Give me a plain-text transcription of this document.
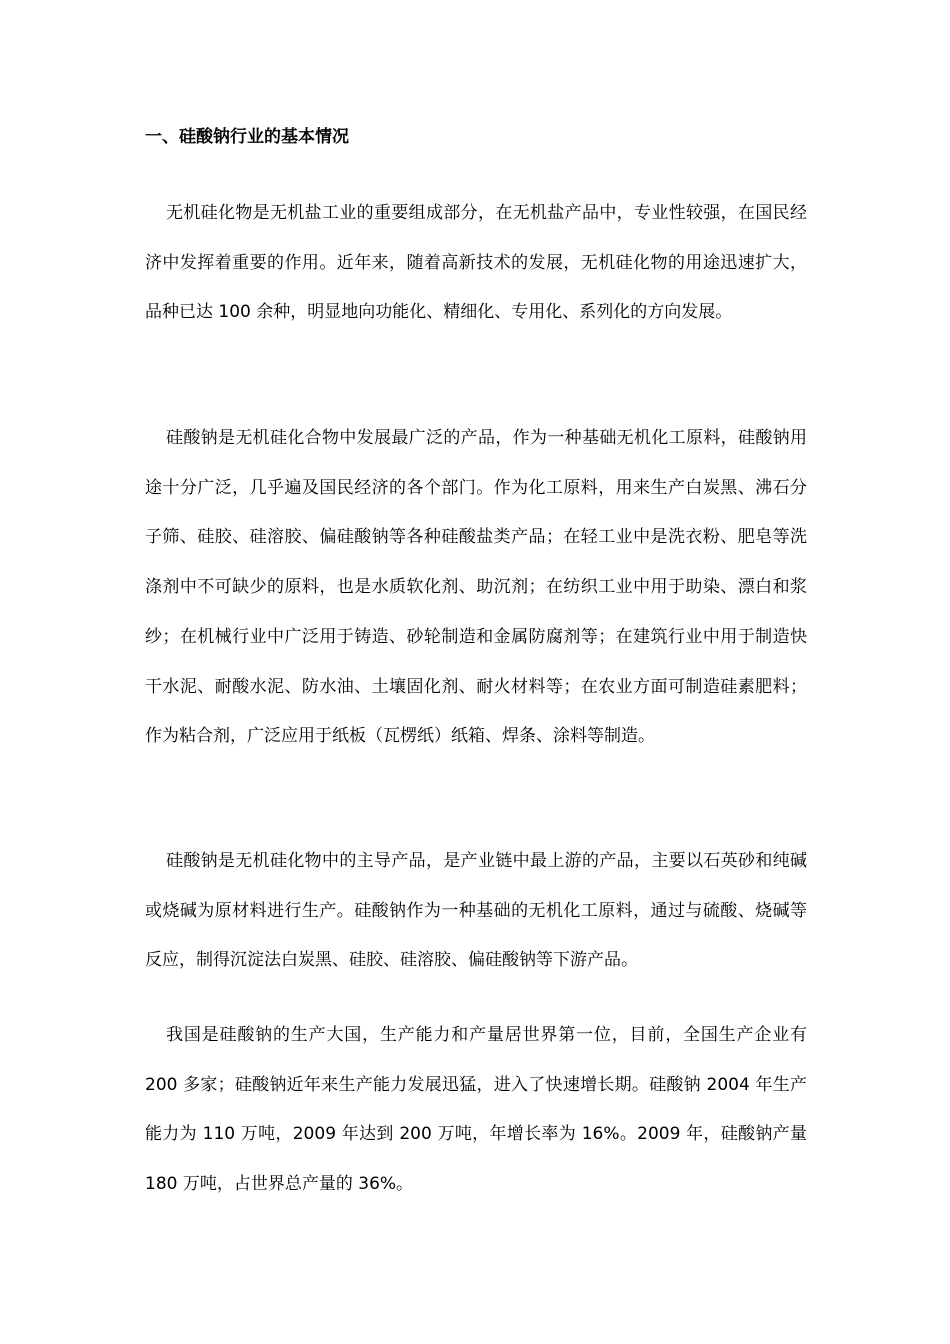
一、硅酸钠行业的基本情况

无机硅化物是无机盐工业的重要组成部分，在无机盐产品中，专业性较强，在国民经济中发挥着重要的作用。近年来，随着高新技术的发展，无机硅化物的用途迅速扩大，品种已达 100 余种，明显地向功能化、精细化、专用化、系列化的方向发展。

硅酸钠是无机硅化合物中发展最广泛的产品，作为一种基础无机化工原料，硅酸钠用途十分广泛，几乎遍及国民经济的各个部门。作为化工原料，用来生产白炭黑、沸石分子筛、硅胶、硅溶胶、偏硅酸钠等各种硅酸盐类产品；在轻工业中是洗衣粉、肥皂等洗涤剂中不可缺少的原料，也是水质软化剂、助沉剂；在纺织工业中用于助染、漂白和浆纱；在机械行业中广泛用于铸造、砂轮制造和金属防腐剂等；在建筑行业中用于制造快干水泥、耐酸水泥、防水油、土壤固化剂、耐火材料等；在农业方面可制造硅素肥料；作为粘合剂，广泛应用于纸板（瓦楞纸）纸箱、焊条、涂料等制造。

硅酸钠是无机硅化物中的主导产品，是产业链中最上游的产品，主要以石英砂和纯碱或烧碱为原材料进行生产。硅酸钠作为一种基础的无机化工原料，通过与硫酸、烧碱等反应，制得沉淀法白炭黑、硅胶、硅溶胶、偏硅酸钠等下游产品。

我国是硅酸钠的生产大国，生产能力和产量居世界第一位，目前，全国生产企业有 200 多家；硅酸钠近年来生产能力发展迅猛，进入了快速增长期。硅酸钠 2004 年生产能力为 110 万吨，2009 年达到 200 万吨，年增长率为 16%。2009 年，硅酸钠产量 180 万吨，占世界总产量的 36%。
